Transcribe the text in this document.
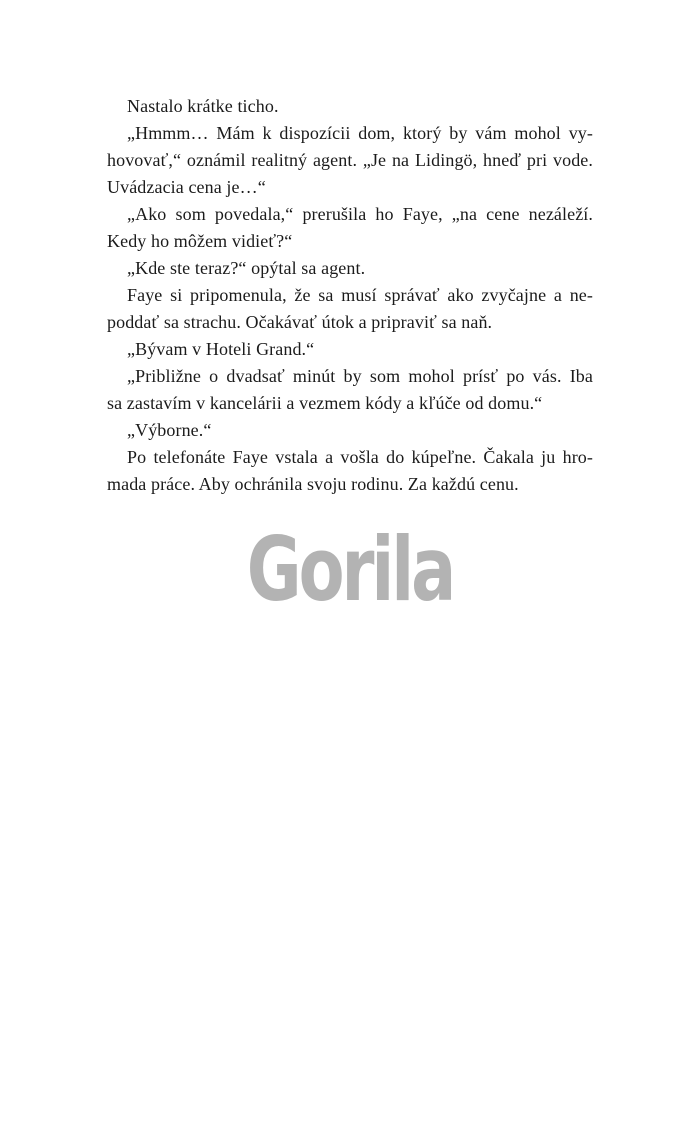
Nastalo krátke ticho.
„Hmmm… Mám k dispozícii dom, ktorý by vám mohol vy-
hovovať,“ oznámil realitný agent. „Je na Lidingö, hneď pri vode.
Uvádzacia cena je…“
„Ako som povedala,“ prerušila ho Faye, „na cene nezáleží.
Kedy ho môžem vidieť?“
„Kde ste teraz?“ opýtal sa agent.
Faye si pripomenula, že sa musí správať ako zvyčajne a ne-
poddať sa strachu. Očakávať útok a pripraviť sa naň.
„Bývam v Hoteli Grand.“
„Približne o dvadsať minút by som mohol prísť po vás. Iba
sa zastavím v kancelárii a vezmem kódy a kľúče od domu.“
„Výborne.“
Po telefonáte Faye vstala a vošla do kúpeľne. Čakala ju hro-
mada práce. Aby ochránila svoju rodinu. Za každú cenu.
Gorila
